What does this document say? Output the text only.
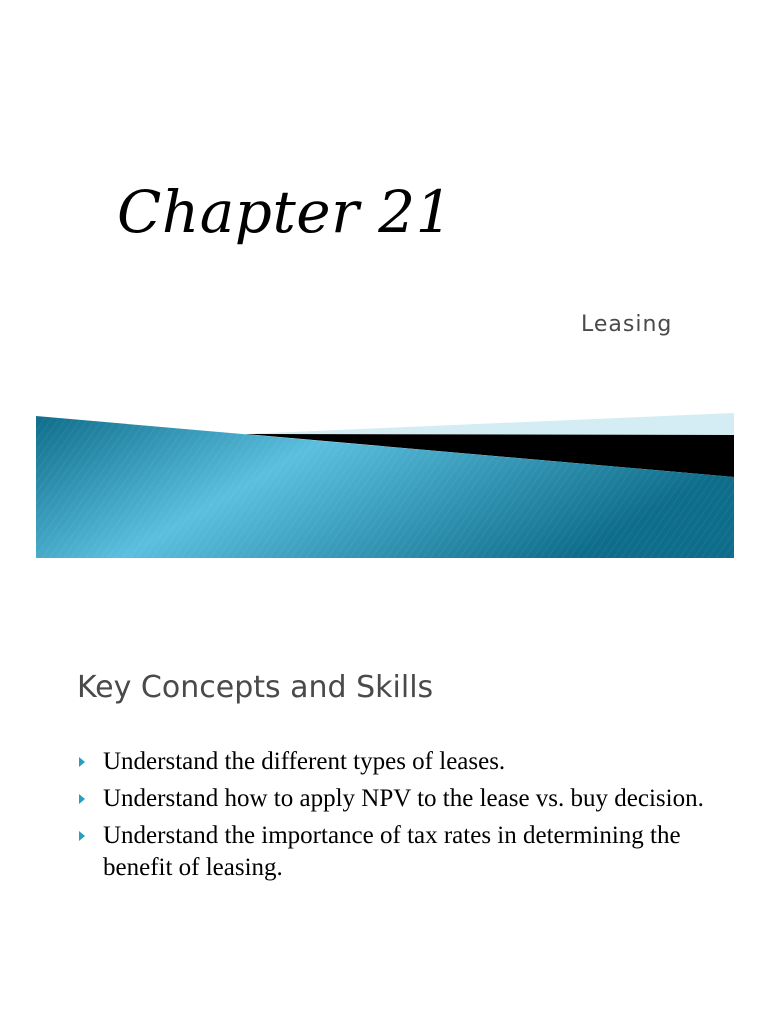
Chapter 21

Leasing

Key Concepts and Skills
Understand the different types of leases.
Understand how to apply NPV to the lease vs. buy decision.
Understand the importance of tax rates in determining the benefit of leasing.
